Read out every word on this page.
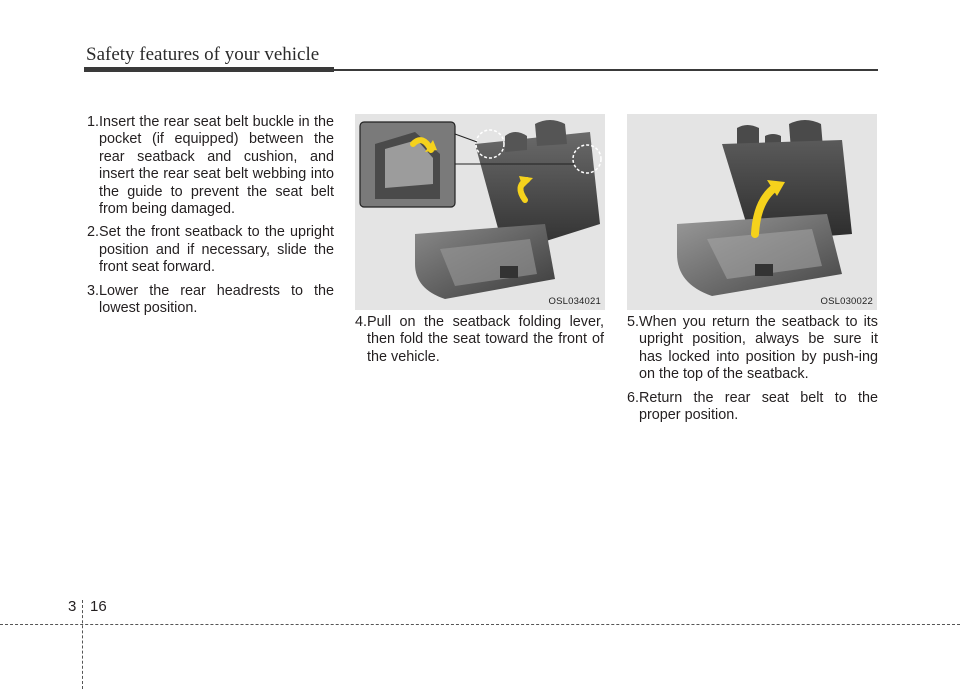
Safety features of your vehicle

1.Insert the rear seat belt buckle in the pocket (if equipped) between the rear seatback and cushion, and insert the rear seat belt webbing into the guide to prevent the seat belt from being damaged.

2.Set the front seatback to the upright position and if necessary, slide the front seat forward.

3.Lower the rear headrests to the lowest position.	OSL034021	OSL030022

4.Pull on the seatback folding lever, then fold the seat toward the front of the vehicle.

5.When you return the seatback to its upright position, always be sure it has locked into position by push-ing on the top of the seatback.

6.Return the rear seat belt to the proper position.

3 16
